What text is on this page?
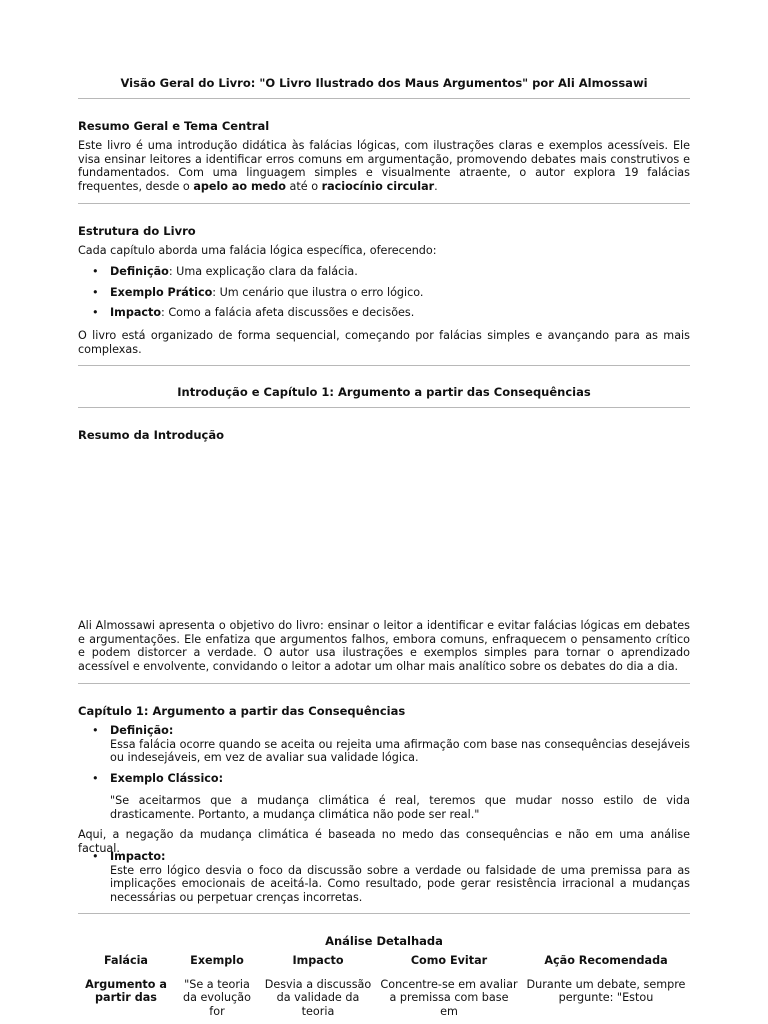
Visão Geral do Livro: "O Livro Ilustrado dos Maus Argumentos" por Ali Almossawi
Resumo Geral e Tema Central
Este livro é uma introdução didática às falácias lógicas, com ilustrações claras e exemplos acessíveis. Ele visa ensinar leitores a identificar erros comuns em argumentação, promovendo debates mais construtivos e fundamentados. Com uma linguagem simples e visualmente atraente, o autor explora 19 falácias frequentes, desde o apelo ao medo até o raciocínio circular.
Estrutura do Livro
Cada capítulo aborda uma falácia lógica específica, oferecendo:
• Definição: Uma explicação clara da falácia.
• Exemplo Prático: Um cenário que ilustra o erro lógico.
• Impacto: Como a falácia afeta discussões e decisões.
O livro está organizado de forma sequencial, começando por falácias simples e avançando para as mais complexas.
Introdução e Capítulo 1: Argumento a partir das Consequências
Resumo da Introdução
Ali Almossawi apresenta o objetivo do livro: ensinar o leitor a identificar e evitar falácias lógicas em debates e argumentações. Ele enfatiza que argumentos falhos, embora comuns, enfraquecem o pensamento crítico e podem distorcer a verdade. O autor usa ilustrações e exemplos simples para tornar o aprendizado acessível e envolvente, convidando o leitor a adotar um olhar mais analítico sobre os debates do dia a dia.
Capítulo 1: Argumento a partir das Consequências
• Definição:
Essa falácia ocorre quando se aceita ou rejeita uma afirmação com base nas consequências desejáveis ou indesejáveis, em vez de avaliar sua validade lógica.
• Exemplo Clássico:
"Se aceitarmos que a mudança climática é real, teremos que mudar nosso estilo de vida drasticamente. Portanto, a mudança climática não pode ser real."
Aqui, a negação da mudança climática é baseada no medo das consequências e não em uma análise factual.
• Impacto:
Este erro lógico desvia o foco da discussão sobre a verdade ou falsidade de uma premissa para as implicações emocionais de aceitá-la. Como resultado, pode gerar resistência irracional a mudanças necessárias ou perpetuar crenças incorretas.
Análise Detalhada
Falácia	Exemplo	Impacto	Como Evitar	Ação Recomendada
Argumento a partir das	"Se a teoria da evolução for	Desvia a discussão da validade da teoria	Concentre-se em avaliar a premissa com base em	Durante um debate, sempre pergunte: "Estou
